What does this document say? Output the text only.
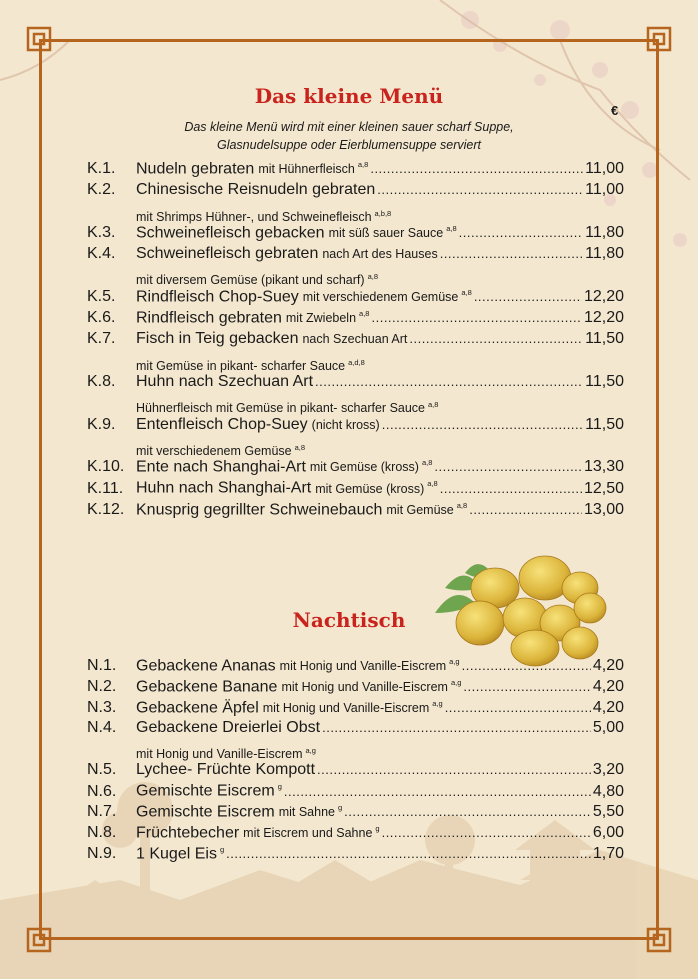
Das kleine Menü
€
Das kleine Menü wird mit einer kleinen sauer scharf Suppe,
Glasnudelsuppe oder Eierblumensuppe serviert
K.1.	Nudeln gebraten mit Hühnerfleisch $^{a,8}$ .....	11,00
K.2.	Chinesische Reisnudeln gebraten .....	11,00
mit Shrimps Hühner-, und Schweinefleisch $^{a,b,8}$
K.3.	Schweinefleisch gebacken mit süß sauer Sauce $^{a,8}$ .....	11,80
K.4.	Schweinefleisch gebraten nach Art des Hauses .....	11,80
mit diversem Gemüse (pikant und scharf) $^{a,8}$
K.5.	Rindfleisch Chop-Suey mit verschiedenem Gemüse $^{a,8}$ .....	12,20
K.6.	Rindfleisch gebraten mit Zwiebeln $^{a,8}$ .....	12,20
K.7.	Fisch in Teig gebacken nach Szechuan Art .....	11,50
mit Gemüse in pikant- scharfer Sauce $^{a,d,8}$
K.8.	Huhn nach Szechuan Art .....	11,50
Hühnerfleisch mit Gemüse in pikant- scharfer Sauce $^{a,8}$
K.9.	Entenfleisch Chop-Suey (nicht kross) .....	11,50
mit verschiedenem Gemüse $^{a,8}$
K.10. Ente nach Shanghai-Art mit Gemüse (kross) $^{a,8}$ .....	13,30
K.11. Huhn nach Shanghai-Art mit Gemüse (kross) $^{a,8}$ .....	12,50
K.12. Knusprig gegrillter Schweinebauch mit Gemüse $^{a,8}$ .....	13,00
Nachtisch
N.1.	Gebackene Ananas mit Honig und Vanille-Eiscrem $^{a,g}$ .....	4,20
N.2.	Gebackene Banane mit Honig und Vanille-Eiscrem $^{a,g}$ .....	4,20
N.3.	Gebackene Äpfel mit Honig und Vanille-Eiscrem $^{a,g}$ .....	4,20
N.4.	Gebackene Dreierlei Obst .....	5,00
mit Honig und Vanille-Eiscrem $^{a,g}$
N.5.	Lychee- Früchte Kompott .....	3,20
N.6.	Gemischte Eiscrem $^g$ .....	4,80
N.7.	Gemischte Eiscrem mit Sahne $^g$ .....	5,50
N.8.	Früchtebecher mit Eiscrem und Sahne $^g$ .....	6,00
N.9.	1 Kugel Eis $^g$ .....	1,70
